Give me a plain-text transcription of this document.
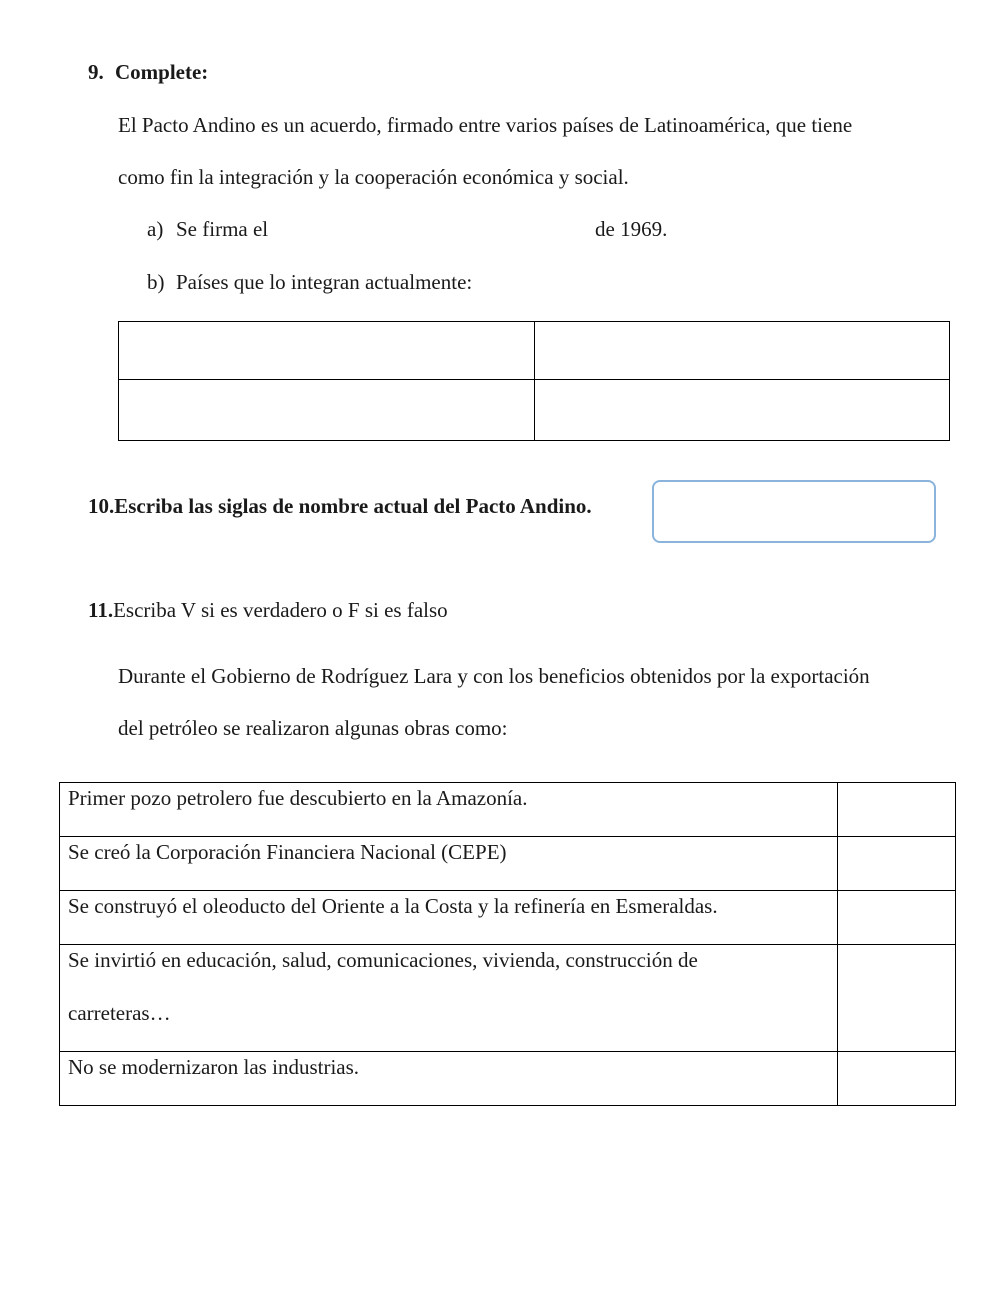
9. Complete:
El Pacto Andino es un acuerdo, firmado entre varios países de Latinoamérica, que tiene
como fin la integración y la cooperación económica y social.
a) Se firma el	de 1969.
b) Países que lo integran actualmente:

10.Escriba las siglas de nombre actual del Pacto Andino.
11.Escriba V si es verdadero o F si es falso
Durante el Gobierno de Rodríguez Lara y con los beneficios obtenidos por la exportación
del petróleo se realizaron algunas obras como:
Primer pozo petrolero fue descubierto en la Amazonía.	
Se creó la Corporación Financiera Nacional (CEPE)	
Se construyó el oleoducto del Oriente a la Costa y la refinería en Esmeraldas.	
Se invirtió en educación, salud, comunicaciones, vivienda, construcción de
carreteras…	

No se modernizaron las industrias.	
